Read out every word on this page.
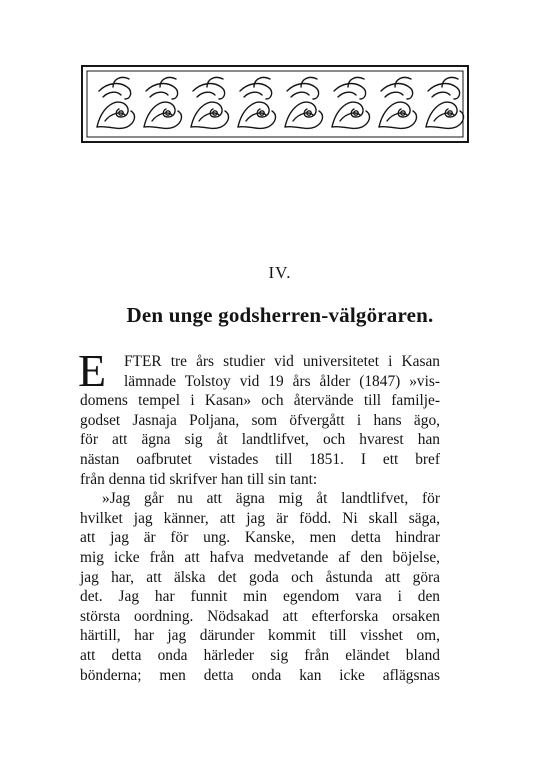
IV.
Den unge godsherren-välgöraren.
E	FTER tre års studier vid universitetet i Kasan
lämnade Tolstoy vid 19 års ålder (1847) »vis-
domens tempel i Kasan» och återvände till familje-
godset Jasnaja Poljana, som öfvergått i hans ägo,
för att ägna sig åt landtlifvet, och hvarest han
nästan oafbrutet vistades till 1851. I ett bref
från denna tid skrifver han till sin tant:
»Jag går nu att ägna mig åt landtlifvet, för
hvilket jag känner, att jag är född. Ni skall säga,
att jag är för ung. Kanske, men detta hindrar
mig icke från att hafva medvetande af den böjelse,
jag har, att älska det goda och åstunda att göra
det. Jag har funnit min egendom vara i den
största oordning. Nödsakad att efterforska orsaken
härtill, har jag därunder kommit till visshet om,
att detta onda härleder sig från eländet bland
bönderna; men detta onda kan icke aflägsnas
